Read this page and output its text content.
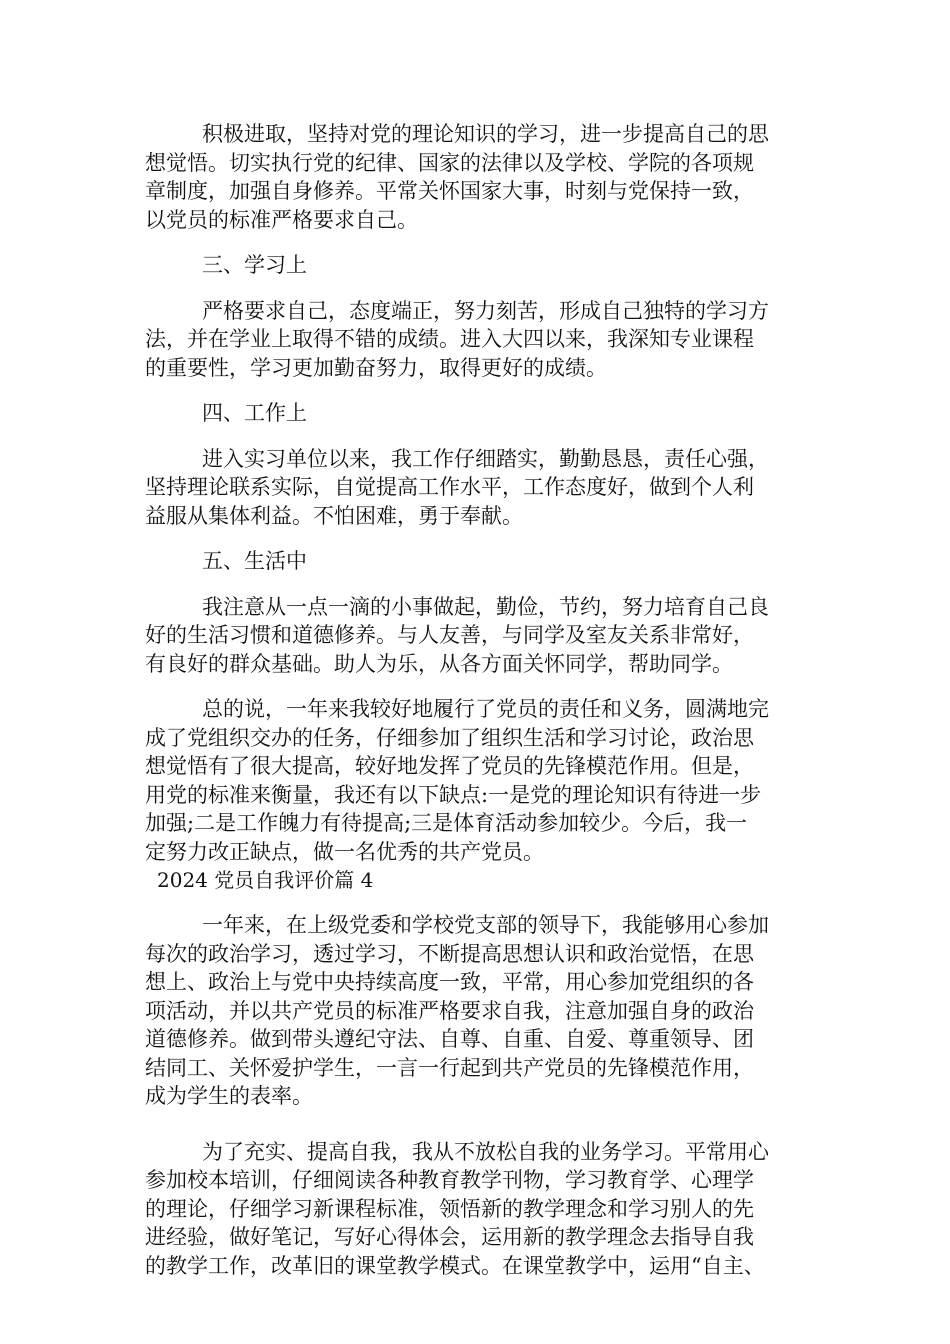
积极进取，坚持对党的理论知识的学习，进一步提高自己的思
想觉悟。切实执行党的纪律、国家的法律以及学校、学院的各项规
章制度，加强自身修养。平常关怀国家大事，时刻与党保持一致，
以党员的标准严格要求自己。
三、学习上
严格要求自己，态度端正，努力刻苦，形成自己独特的学习方
法，并在学业上取得不错的成绩。进入大四以来，我深知专业课程
的重要性，学习更加勤奋努力，取得更好的成绩。
四、工作上
进入实习单位以来，我工作仔细踏实，勤勤恳恳，责任心强，
坚持理论联系实际，自觉提高工作水平，工作态度好，做到个人利
益服从集体利益。不怕困难，勇于奉献。
五、生活中
我注意从一点一滴的小事做起，勤俭，节约，努力培育自己良
好的生活习惯和道德修养。与人友善，与同学及室友关系非常好，
有良好的群众基础。助人为乐，从各方面关怀同学，帮助同学。
总的说，一年来我较好地履行了党员的责任和义务，圆满地完
成了党组织交办的任务，仔细参加了组织生活和学习讨论，政治思
想觉悟有了很大提高，较好地发挥了党员的先锋模范作用。但是，
用党的标准来衡量，我还有以下缺点:一是党的理论知识有待进一步
加强;二是工作魄力有待提高;三是体育活动参加较少。今后，我一
定努力改正缺点，做一名优秀的共产党员。
2024 党员自我评价篇 4
一年来，在上级党委和学校党支部的领导下，我能够用心参加
每次的政治学习，透过学习，不断提高思想认识和政治觉悟，在思
想上、政治上与党中央持续高度一致，平常，用心参加党组织的各
项活动，并以共产党员的标准严格要求自我，注意加强自身的政治
道德修养。做到带头遵纪守法、自尊、自重、自爱、尊重领导、团
结同工、关怀爱护学生，一言一行起到共产党员的先锋模范作用，
成为学生的表率。
为了充实、提高自我，我从不放松自我的业务学习。平常用心
参加校本培训，仔细阅读各种教育教学刊物，学习教育学、心理学
的理论，仔细学习新课程标准，领悟新的教学理念和学习别人的先
进经验，做好笔记，写好心得体会，运用新的教学理念去指导自我
的教学工作，改革旧的课堂教学模式。在课堂教学中，运用“自主、
